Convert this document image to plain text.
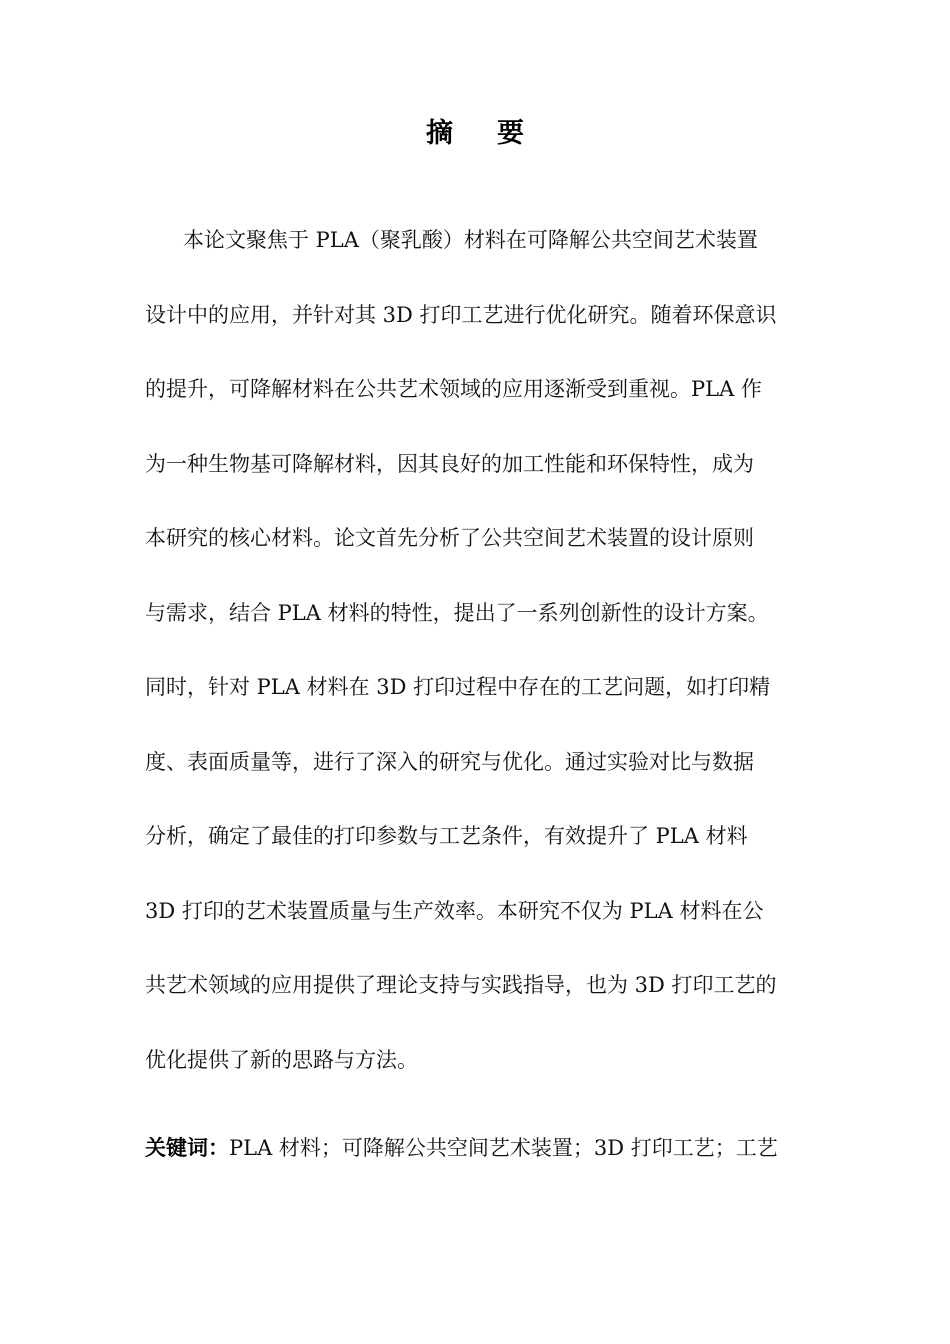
摘 要
本论文聚焦于 PLA（聚乳酸）材料在可降解公共空间艺术装置
设计中的应用，并针对其 3D 打印工艺进行优化研究。随着环保意识
的提升，可降解材料在公共艺术领域的应用逐渐受到重视。PLA 作
为一种生物基可降解材料，因其良好的加工性能和环保特性，成为
本研究的核心材料。论文首先分析了公共空间艺术装置的设计原则
与需求，结合 PLA 材料的特性，提出了一系列创新性的设计方案。
同时，针对 PLA 材料在 3D 打印过程中存在的工艺问题，如打印精
度、表面质量等，进行了深入的研究与优化。通过实验对比与数据
分析，确定了最佳的打印参数与工艺条件，有效提升了 PLA 材料
3D 打印的艺术装置质量与生产效率。本研究不仅为 PLA 材料在公
共艺术领域的应用提供了理论支持与实践指导，也为 3D 打印工艺的
优化提供了新的思路与方法。
关键词：PLA 材料；可降解公共空间艺术装置；3D 打印工艺；工艺
